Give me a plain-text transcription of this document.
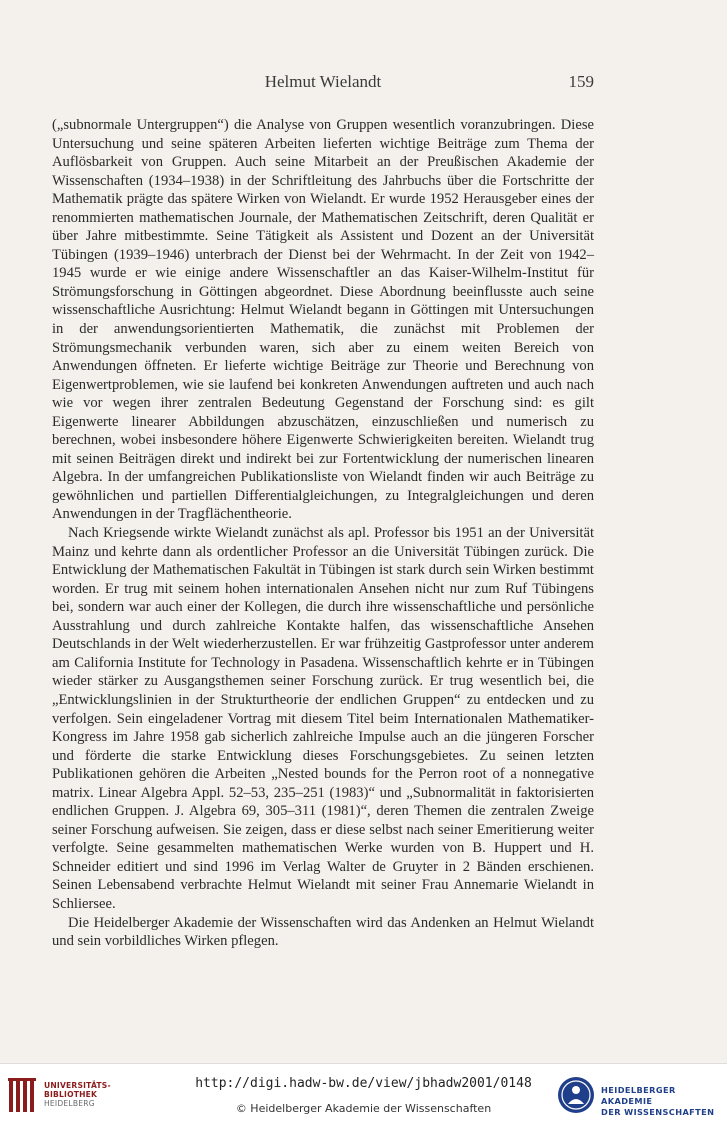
Helmut Wielandt	159

(„subnormale Untergruppen“) die Analyse von Gruppen wesentlich voranzubringen. Diese Untersuchung und seine späteren Arbeiten lieferten wichtige Beiträge zum Thema der Auflösbarkeit von Gruppen. Auch seine Mitarbeit an der Preußischen Akademie der Wissenschaften (1934–1938) in der Schriftleitung des Jahrbuchs über die Fortschritte der Mathematik prägte das spätere Wirken von Wielandt. Er wurde 1952 Herausgeber eines der renommierten mathematischen Journale, der Mathematischen Zeitschrift, deren Qualität er über Jahre mitbestimmte. Seine Tätigkeit als Assistent und Dozent an der Universität Tübingen (1939–1946) unterbrach der Dienst bei der Wehrmacht. In der Zeit von 1942–1945 wurde er wie einige andere Wissenschaftler an das Kaiser-Wilhelm-Institut für Strömungsforschung in Göttingen abgeordnet. Diese Abordnung beeinflusste auch seine wissenschaftliche Ausrichtung: Helmut Wielandt begann in Göttingen mit Untersuchungen in der anwendungsorientierten Mathematik, die zunächst mit Problemen der Strömungsmechanik verbunden waren, sich aber zu einem weiten Bereich von Anwendungen öffneten. Er lieferte wichtige Beiträge zur Theorie und Berechnung von Eigenwertproblemen, wie sie laufend bei konkreten Anwendungen auftreten und auch nach wie vor wegen ihrer zentralen Bedeutung Gegenstand der Forschung sind: es gilt Eigenwerte linearer Abbildungen abzuschätzen, einzuschließen und numerisch zu berechnen, wobei insbesondere höhere Eigenwerte Schwierigkeiten bereiten. Wielandt trug mit seinen Beiträgen direkt und indirekt bei zur Fortentwicklung der numerischen linearen Algebra. In der umfangreichen Publikationsliste von Wielandt finden wir auch Beiträge zu gewöhnlichen und partiellen Differentialgleichungen, zu Integralgleichungen und deren Anwendungen in der Tragflächentheorie.

Nach Kriegsende wirkte Wielandt zunächst als apl. Professor bis 1951 an der Universität Mainz und kehrte dann als ordentlicher Professor an die Universität Tübingen zurück. Die Entwicklung der Mathematischen Fakultät in Tübingen ist stark durch sein Wirken bestimmt worden. Er trug mit seinem hohen internationalen Ansehen nicht nur zum Ruf Tübingens bei, sondern war auch einer der Kollegen, die durch ihre wissenschaftliche und persönliche Ausstrahlung und durch zahlreiche Kontakte halfen, das wissenschaftliche Ansehen Deutschlands in der Welt wiederherzustellen. Er war frühzeitig Gastprofessor unter anderem am California Institute for Technology in Pasadena. Wissenschaftlich kehrte er in Tübingen wieder stärker zu Ausgangsthemen seiner Forschung zurück. Er trug wesentlich bei, die „Entwicklungslinien in der Strukturtheorie der endlichen Gruppen“ zu entdecken und zu verfolgen. Sein eingeladener Vortrag mit diesem Titel beim Internationalen Mathematiker-Kongress im Jahre 1958 gab sicherlich zahlreiche Impulse auch an die jüngeren Forscher und förderte die starke Entwicklung dieses Forschungsgebietes. Zu seinen letzten Publikationen gehören die Arbeiten „Nested bounds for the Perron root of a nonnegative matrix. Linear Algebra Appl. 52–53, 235–251 (1983)“ und „Subnormalität in faktorisierten endlichen Gruppen. J. Algebra 69, 305–311 (1981)“, deren Themen die zentralen Zweige seiner Forschung aufweisen. Sie zeigen, dass er diese selbst nach seiner Emeritierung weiter verfolgte. Seine gesammelten mathematischen Werke wurden von B. Huppert und H. Schneider editiert und sind 1996 im Verlag Walter de Gruyter in 2 Bänden erschienen. Seinen Lebensabend verbrachte Helmut Wielandt mit seiner Frau Annemarie Wielandt in Schliersee.

Die Heidelberger Akademie der Wissenschaften wird das Andenken an Helmut Wielandt und sein vorbildliches Wirken pflegen.

UNIVERSITÄTS-
BIBLIOTHEK
HEIDELBERG
http://digi.hadw-bw.de/view/jbhadw2001/0148
© Heidelberger Akademie der Wissenschaften
HEIDELBERGER AKADEMIE
DER WISSENSCHAFTEN
